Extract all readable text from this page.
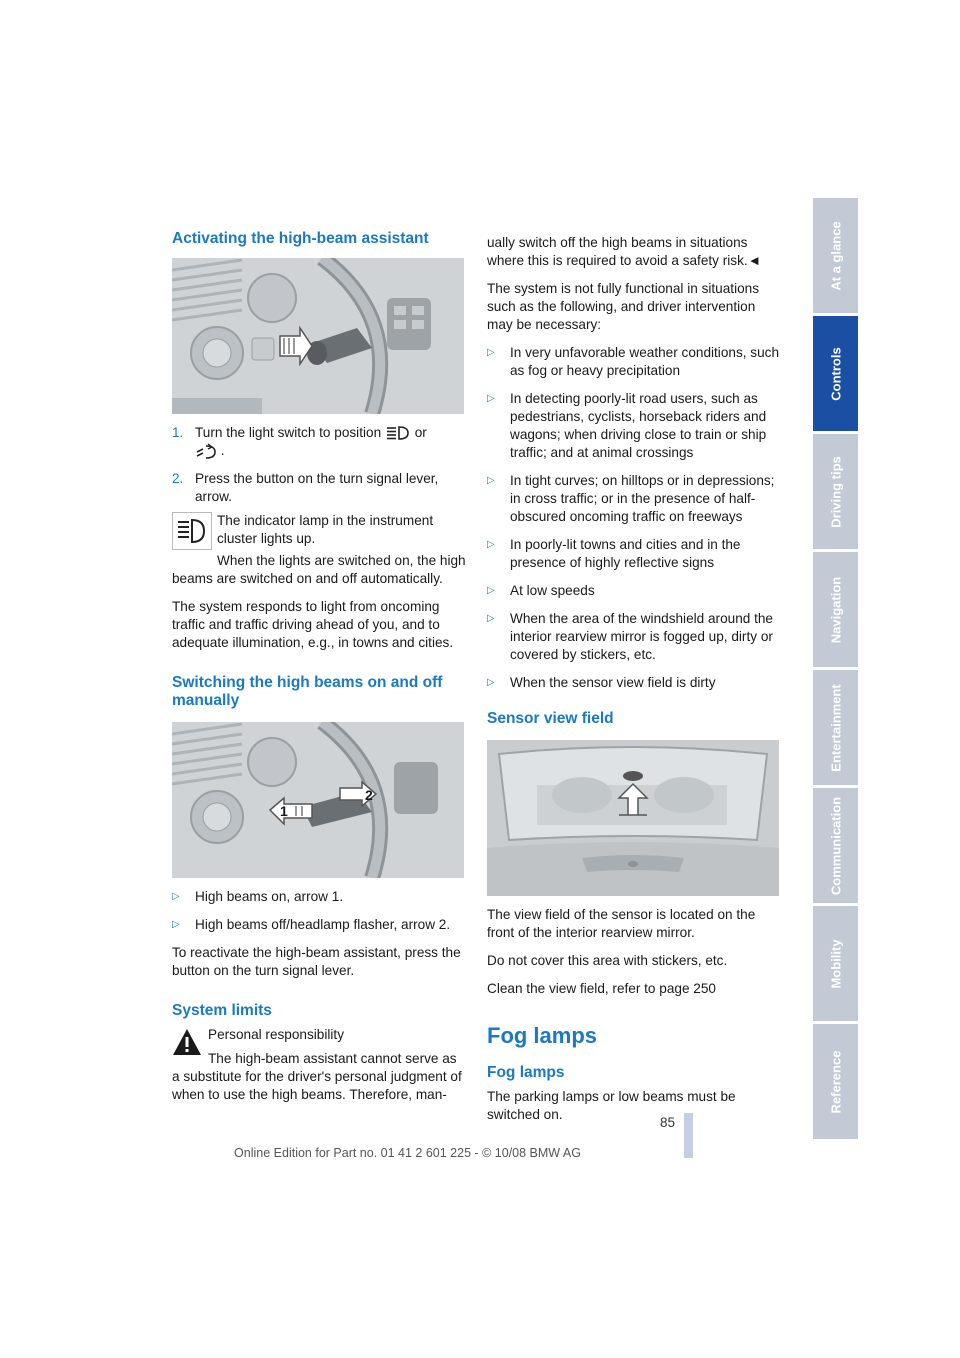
Activating the high-beam assistant
1. Turn the light switch to position or
.
2. Press the button on the turn signal lever, arrow.

The indicator lamp in the instrument cluster lights up.

When the lights are switched on, the high beams are switched on and off automatically.

The system responds to light from oncoming traffic and traffic driving ahead of you, and to adequate illumination, e.g., in towns and cities.

Switching the high beams on and off manually
1
2
▷ High beams on, arrow 1.
▷ High beams off/headlamp flasher, arrow 2.

To reactivate the high-beam assistant, press the button on the turn signal lever.

System limits

Personal responsibility

The high-beam assistant cannot serve as a substitute for the driver's personal judgment of when to use the high beams. Therefore, man-

ually switch off the high beams in situations where this is required to avoid a safety risk.◄

The system is not fully functional in situations such as the following, and driver intervention may be necessary:

▷ In very unfavorable weather conditions, such as fog or heavy precipitation
▷ In detecting poorly-lit road users, such as pedestrians, cyclists, horseback riders and wagons; when driving close to train or ship traffic; and at animal crossings
▷ In tight curves; on hilltops or in depressions; in cross traffic; or in the presence of half-obscured oncoming traffic on freeways
▷ In poorly-lit towns and cities and in the presence of highly reflective signs
▷ At low speeds
▷ When the area of the windshield around the interior rearview mirror is fogged up, dirty or covered by stickers, etc.
▷ When the sensor view field is dirty
Sensor view field

The view field of the sensor is located on the front of the interior rearview mirror.

Do not cover this area with stickers, etc.

Clean the view field, refer to page 250

Fog lamps
Fog lamps

The parking lamps or low beams must be switched on.

At a glance
Controls
Driving tips
Navigation
Entertainment
Communication
Mobility
Reference
85
Online Edition for Part no. 01 41 2 601 225 - © 10/08 BMW AG
